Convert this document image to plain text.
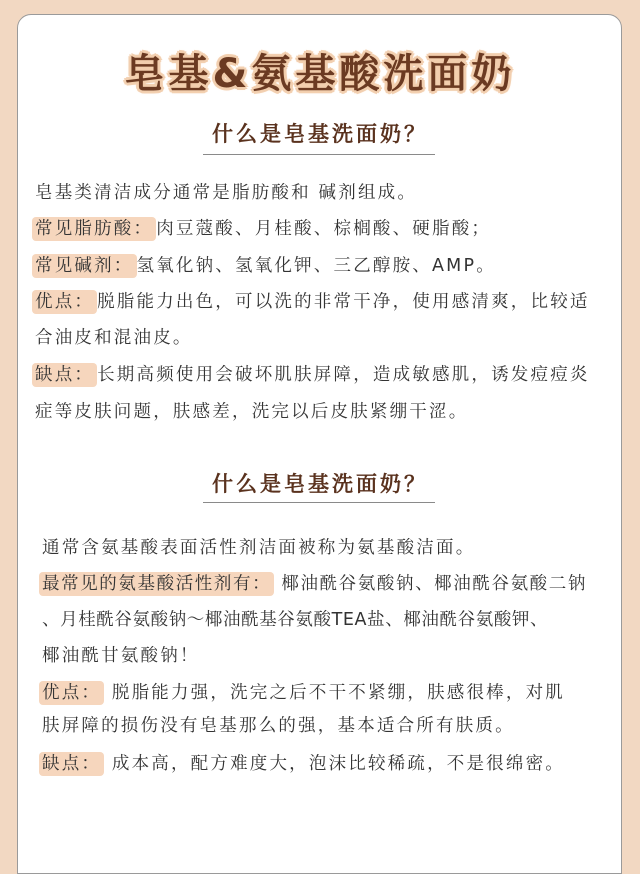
皂基&氨基酸洗面奶
什么是皂基洗面奶？
皂基类清洁成分通常是脂肪酸和 碱剂组成。
常见脂肪酸： 肉豆蔻酸、月桂酸、棕榈酸、硬脂酸；
常见碱剂： 氢氧化钠、氢氧化钾、三乙醇胺、AMP。
优点： 脱脂能力出色，可以洗的非常干净，使用感清爽，比较适
合油皮和混油皮。
缺点： 长期高频使用会破坏肌肤屏障，造成敏感肌，诱发痘痘炎
症等皮肤问题，肤感差，洗完以后皮肤紧绷干涩。
什么是皂基洗面奶？
通常含氨基酸表面活性剂洁面被称为氨基酸洁面。
最常见的氨基酸活性剂有： 椰油酰谷氨酸钠、椰油酰谷氨酸二钠
、月桂酰谷氨酸钠～椰油酰基谷氨酸TEA盐、椰油酰谷氨酸钾、
椰油酰甘氨酸钠！
优点： 脱脂能力强，洗完之后不干不紧绷，肤感很棒，对肌
肤屏障的损伤没有皂基那么的强，基本适合所有肤质。
缺点： 成本高，配方难度大，泡沫比较稀疏，不是很绵密。
